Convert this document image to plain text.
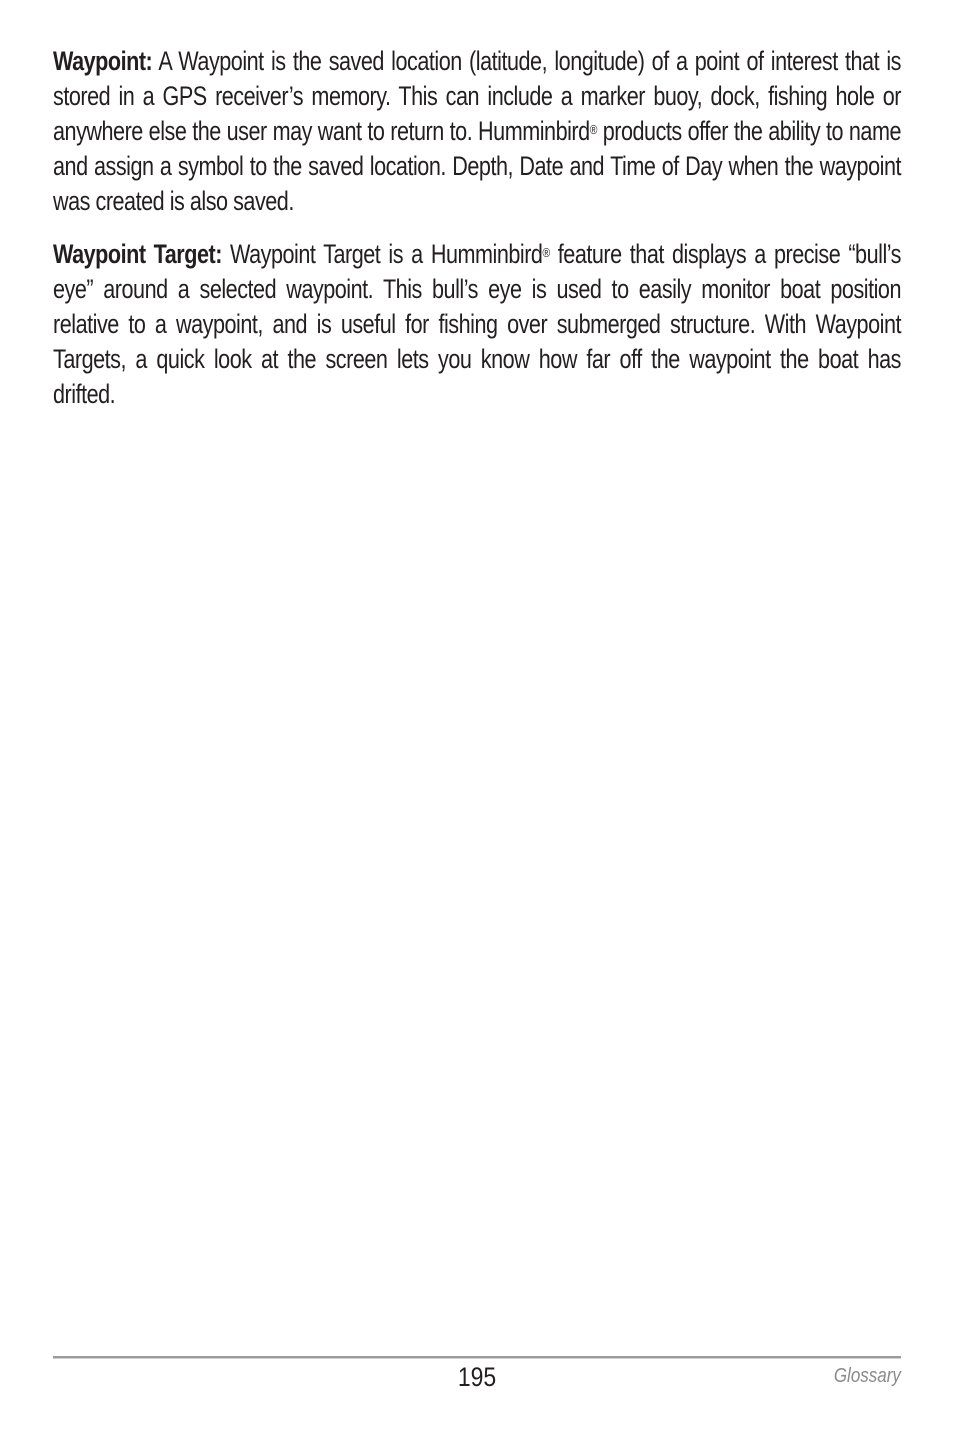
Waypoint: A Waypoint is the saved location (latitude, longitude) of a point of interest that is stored in a GPS receiver’s memory. This can include a marker buoy, dock, fishing hole or anywhere else the user may want to return to. Humminbird® products offer the ability to name and assign a symbol to the saved location. Depth, Date and Time of Day when the waypoint was created is also saved.

Waypoint Target: Waypoint Target is a Humminbird® feature that displays a precise “bull’s eye” around a selected waypoint. This bull’s eye is used to easily monitor boat position relative to a waypoint, and is useful for fishing over submerged structure. With Waypoint Targets, a quick look at the screen lets you know how far off the waypoint the boat has drifted.

195	Glossary
